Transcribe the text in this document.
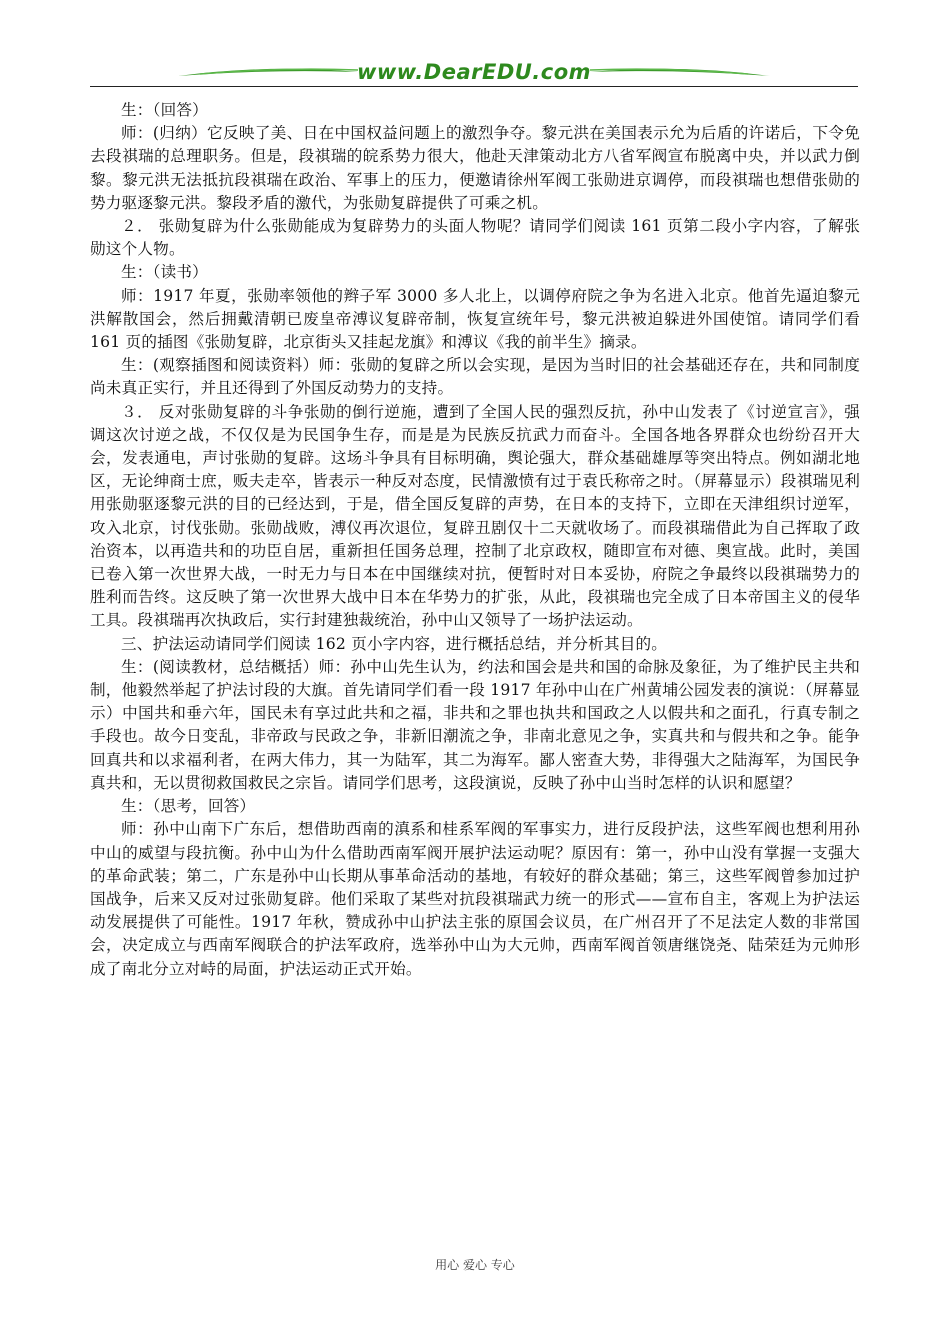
www.DearEDU.com

生：（回答）

师：(归纳）它反映了美、日在中国权益问题上的激烈争夺。黎元洪在美国表示允为后盾的许诺后，下令免去段祺瑞的总理职务。但是，段祺瑞的皖系势力很大，他赴天津策动北方八省军阀宣布脱离中央，并以武力倒黎。黎元洪无法抵抗段祺瑞在政治、军事上的压力，便邀请徐州军阀工张勋进京调停，而段祺瑞也想借张勋的势力驱逐黎元洪。黎段矛盾的激代，为张勋复辟提供了可乘之机。

２． 张勋复辟为什么张勋能成为复辟势力的头面人物呢？请同学们阅读 161 页第二段小字内容，了解张勋这个人物。

生：（读书）

师：1917 年夏，张勋率领他的辫子军 3000 多人北上，以调停府院之争为名进入北京。他首先逼迫黎元洪解散国会，然后拥戴清朝已废皇帝溥议复辟帝制，恢复宣统年号，黎元洪被迫躲进外国使馆。请同学们看 161 页的插图《张勋复辟，北京街头又挂起龙旗》和溥议《我的前半生》摘录。

生：(观察插图和阅读资料）师：张勋的复辟之所以会实现，是因为当时旧的社会基础还存在，共和同制度尚未真正实行，并且还得到了外国反动势力的支持。

３． 反对张勋复辟的斗争张勋的倒行逆施，遭到了全国人民的强烈反抗，孙中山发表了《讨逆宣言》，强调这次讨逆之战，不仅仅是为民国争生存，而是是为民族反抗武力而奋斗。全国各地各界群众也纷纷召开大会，发表通电，声讨张勋的复辟。这场斗争具有目标明确，舆论强大，群众基础雄厚等突出特点。例如湖北地区，无论绅商士庶，贩夫走卒，皆表示一种反对态度，民情激愤有过于袁氏称帝之时。（屏幕显示）段祺瑞见利用张勋驱逐黎元洪的目的已经达到，于是，借全国反复辟的声势，在日本的支持下，立即在天津组织讨逆军，攻入北京，讨伐张勋。张勋战败，溥仪再次退位，复辟丑剧仅十二天就收场了。而段祺瑞借此为自己挥取了政治资本，以再造共和的功臣自居，重新担任国务总理，控制了北京政权，随即宣布对德、奥宣战。此时，美国已卷入第一次世界大战，一时无力与日本在中国继续对抗，便暂时对日本妥协，府院之争最终以段祺瑞势力的胜利而告终。这反映了第一次世界大战中日本在华势力的扩张，从此，段祺瑞也完全成了日本帝国主义的侵华工具。段祺瑞再次执政后，实行封建独裁统治，孙中山又领导了一场护法运动。

三、护法运动请同学们阅读 162 页小字内容，进行概括总结，并分析其目的。

生：(阅读教材，总结概括）师：孙中山先生认为，约法和国会是共和国的命脉及象征，为了维护民主共和制，他毅然举起了护法讨段的大旗。首先请同学们看一段 1917 年孙中山在广州黄埔公园发表的演说：（屏幕显示）中国共和垂六年，国民未有享过此共和之福，非共和之罪也执共和国政之人以假共和之面孔，行真专制之手段也。故今日变乱，非帝政与民政之争，非新旧潮流之争，非南北意见之争，实真共和与假共和之争。能争回真共和以求福利者，在两大伟力，其一为陆军，其二为海军。鄙人密查大势，非得强大之陆海军，为国民争真共和，无以贯彻救国救民之宗旨。请同学们思考，这段演说，反映了孙中山当时怎样的认识和愿望？

生：（思考，回答）

师：孙中山南下广东后，想借助西南的滇系和桂系军阀的军事实力，进行反段护法，这些军阀也想利用孙中山的威望与段抗衡。孙中山为什么借助西南军阀开展护法运动呢？原因有：第一，孙中山没有掌握一支强大的革命武装；第二，广东是孙中山长期从事革命活动的基地，有较好的群众基础；第三，这些军阀曾参加过护国战争，后来又反对过张勋复辟。他们采取了某些对抗段祺瑞武力统一的形式——宣布自主，客观上为护法运动发展提供了可能性。1917 年秋，赞成孙中山护法主张的原国会议员，在广州召开了不足法定人数的非常国会，决定成立与西南军阀联合的护法军政府，选举孙中山为大元帅，西南军阀首领唐继饶尧、陆荣廷为元帅形成了南北分立对峙的局面，护法运动正式开始。

用心 爱心 专心
